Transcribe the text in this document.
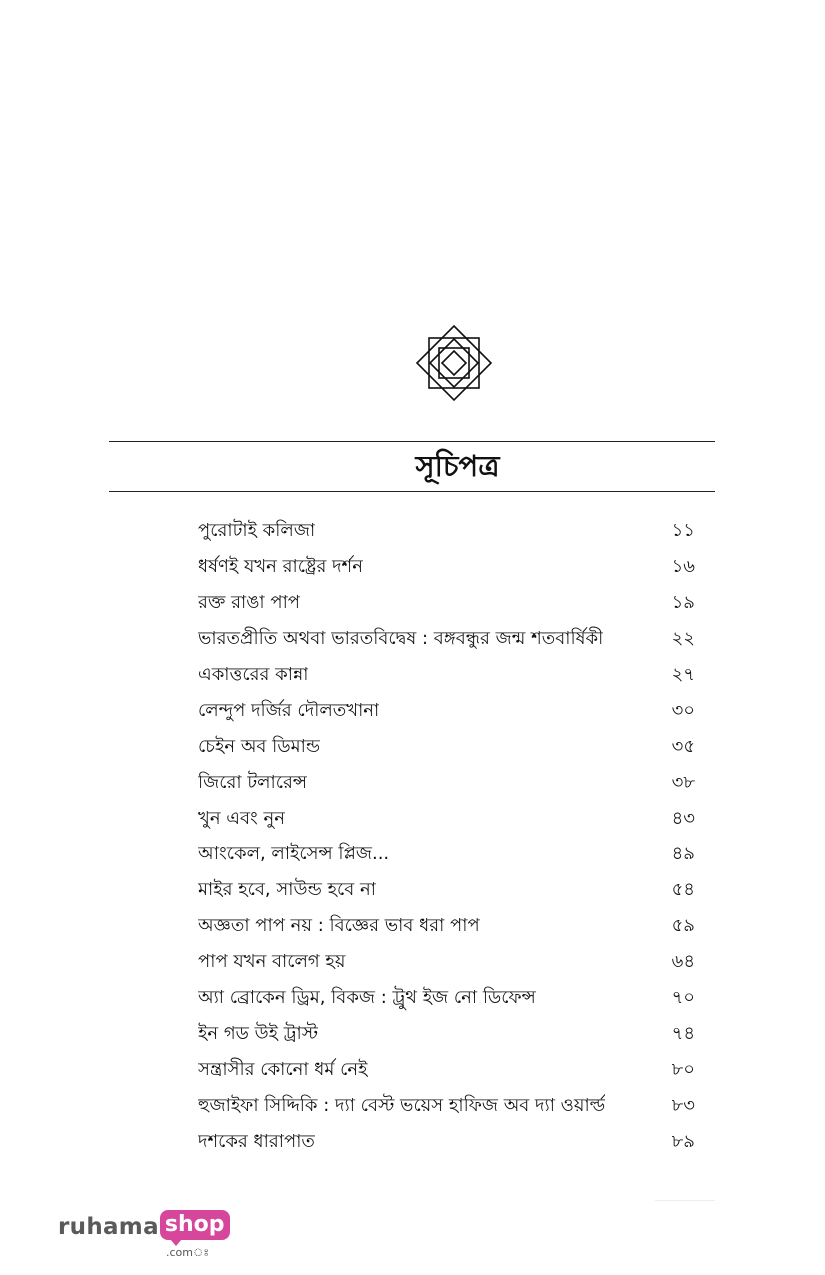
সূচিপত্র
পুরোটাই কলিজা	১১
ধর্ষণই যখন রাষ্ট্রের দর্শন	১৬
রক্ত রাঙা পাপ	১৯
ভারতপ্রীতি অথবা ভারতবিদ্বেষ : বঙ্গবন্ধুর জন্ম শতবার্ষিকী	২২
একাত্তরের কান্না	২৭
লেন্দুপ দর্জির দৌলতখানা	৩০
চেইন অব ডিমান্ড	৩৫
জিরো টলারেন্স	৩৮
খুন এবং নুন	৪৩
আংকেল, লাইসেন্স প্লিজ...	৪৯
মাইর হবে, সাউন্ড হবে না	৫৪
অজ্ঞতা পাপ নয় : বিজ্ঞের ভাব ধরা পাপ	৫৯
পাপ যখন বালেগ হয়	৬৪
অ্যা ব্রোকেন ড্রিম, বিকজ : ট্রুথ ইজ নো ডিফেন্স	৭০
ইন গড উই ট্রাস্ট	৭৪
সন্ত্রাসীর কোনো ধর্ম নেই	৮০
হুজাইফা সিদ্দিকি : দ্যা বেস্ট ভয়েস হাফিজ অব দ্যা ওয়ার্ল্ড	৮৩
দশকের ধারাপাত	৮৯
ruhama shop
.comঃ
